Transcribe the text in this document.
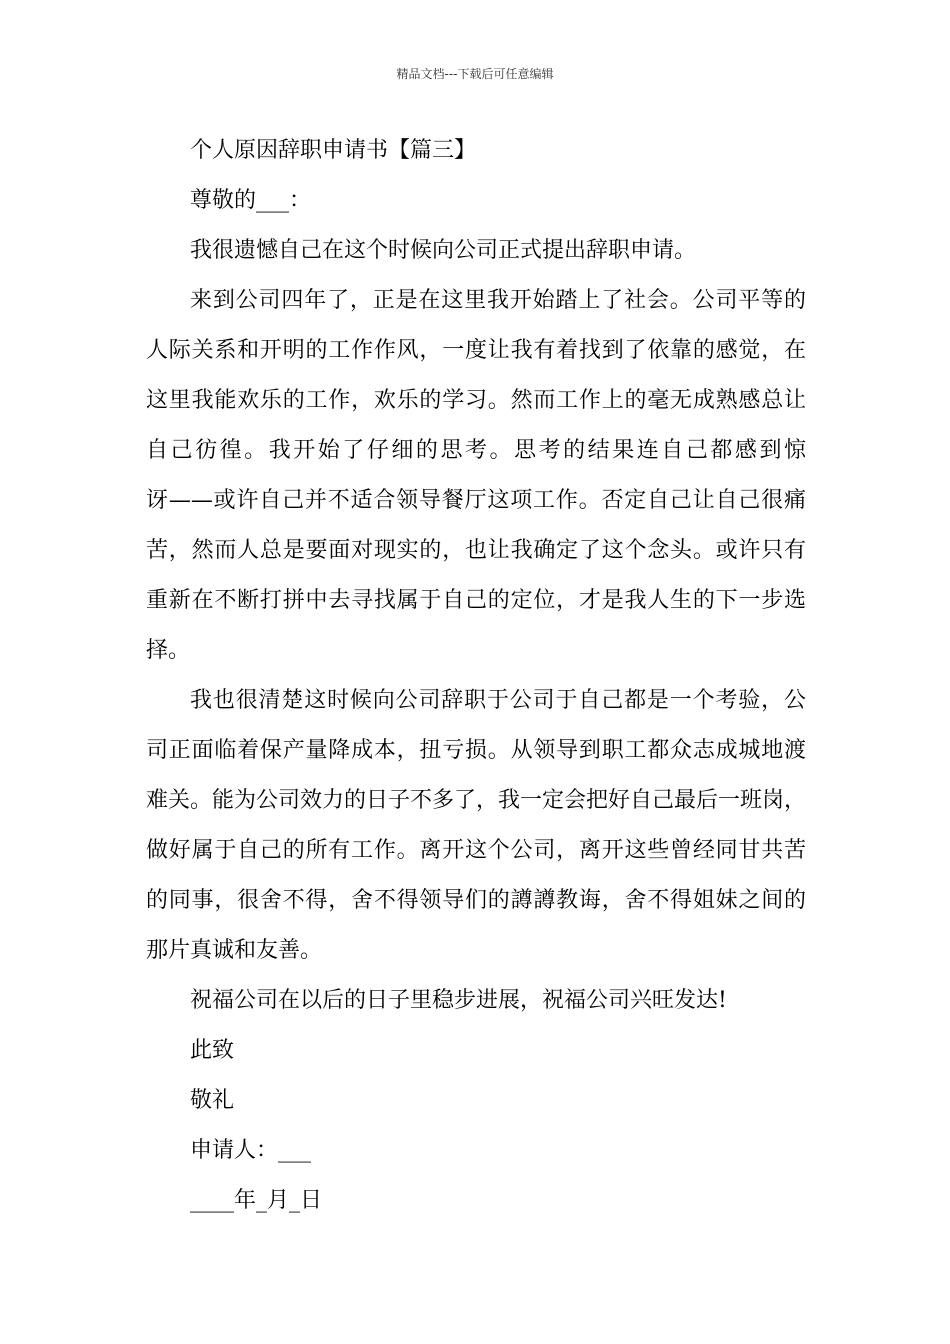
精品文档---下载后可任意编辑
个人原因辞职申请书【篇三】
尊敬的___：
我很遗憾自己在这个时候向公司正式提出辞职申请。
来到公司四年了，正是在这里我开始踏上了社会。公司平等的
人际关系和开明的工作作风，一度让我有着找到了依靠的感觉，在
这里我能欢乐的工作，欢乐的学习。然而工作上的毫无成熟感总让
自己彷徨。我开始了仔细的思考。思考的结果连自己都感到惊
讶——或许自己并不适合领导餐厅这项工作。否定自己让自己很痛
苦，然而人总是要面对现实的，也让我确定了这个念头。或许只有
重新在不断打拼中去寻找属于自己的定位，才是我人生的下一步选
择。
我也很清楚这时候向公司辞职于公司于自己都是一个考验，公
司正面临着保产量降成本，扭亏损。从领导到职工都众志成城地渡
难关。能为公司效力的日子不多了，我一定会把好自己最后一班岗，
做好属于自己的所有工作。离开这个公司，离开这些曾经同甘共苦
的同事，很舍不得，舍不得领导们的譐譐教诲，舍不得姐妹之间的
那片真诚和友善。
祝福公司在以后的日子里稳步进展，祝福公司兴旺发达!
此致
敬礼
申请人：___
____年_月_日
